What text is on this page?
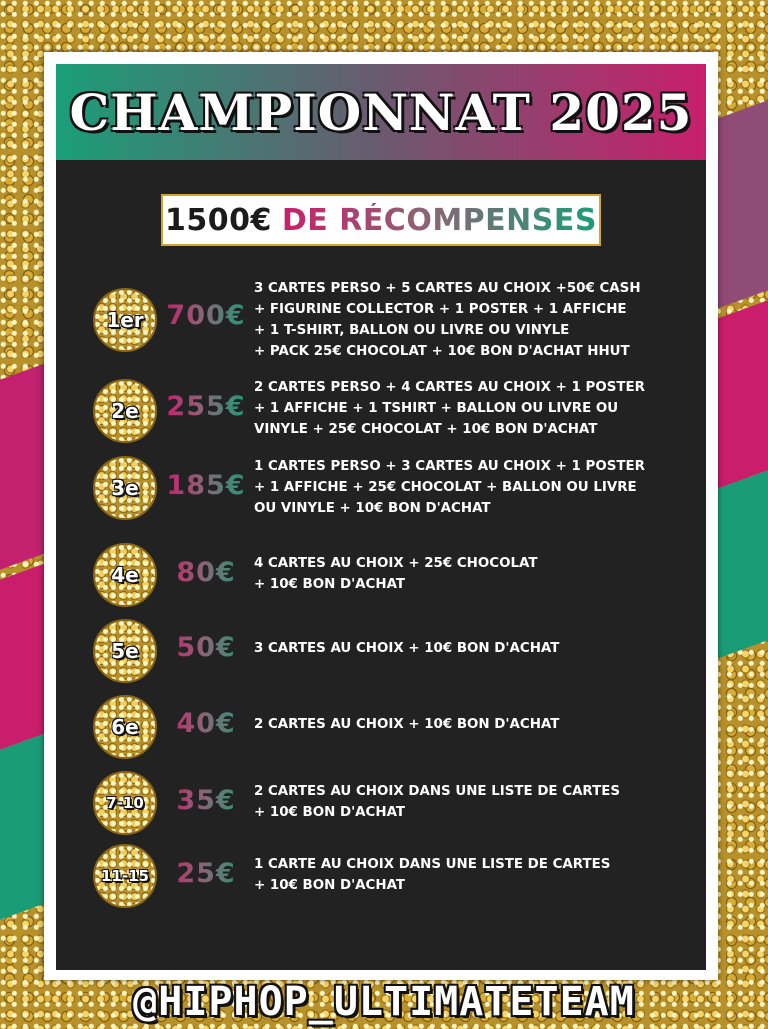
CHAMPIONNAT 2025
1500€ DE RÉCOMPENSES
1er 700€
3 CARTES PERSO + 5 CARTES AU CHOIX +50€ CASH
+ FIGURINE COLLECTOR + 1 POSTER + 1 AFFICHE
+ 1 T-SHIRT, BALLON OU LIVRE OU VINYLE
+ PACK 25€ CHOCOLAT + 10€ BON D'ACHAT HHUT
2e	255€
2 CARTES PERSO + 4 CARTES AU CHOIX + 1 POSTER
+ 1 AFFICHE + 1 TSHIRT + BALLON OU LIVRE OU
VINYLE + 25€ CHOCOLAT + 10€ BON D'ACHAT
3e	185€
1 CARTES PERSO + 3 CARTES AU CHOIX + 1 POSTER
+ 1 AFFICHE + 25€ CHOCOLAT + BALLON OU LIVRE
OU VINYLE + 10€ BON D'ACHAT
4e	80€	4 CARTES AU CHOIX + 25€ CHOCOLAT
+ 10€ BON D'ACHAT
5e	50€	3 CARTES AU CHOIX + 10€ BON D'ACHAT
6e	40€	2 CARTES AU CHOIX + 10€ BON D'ACHAT
7-10	35€	2 CARTES AU CHOIX DANS UNE LISTE DE CARTES
+ 10€ BON D'ACHAT
11-15	25€	1 CARTE AU CHOIX DANS UNE LISTE DE CARTES
+ 10€ BON D'ACHAT
@HIPHOP_ULTIMATETEAM
